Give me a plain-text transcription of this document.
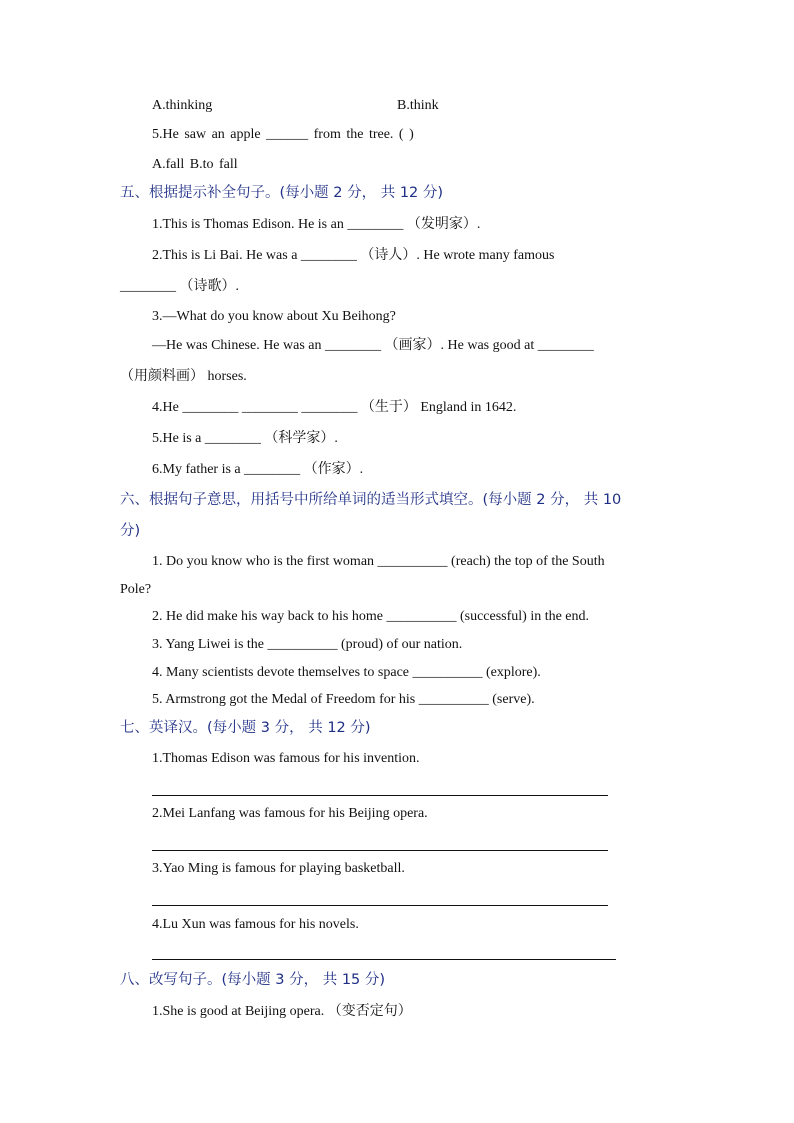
A.thinking	B.think
5.He saw an apple ______ from the tree. ( )
A.fall B.to fall
五、根据提示补全句子。(每小题 2 分， 共 12 分)
1.This is Thomas Edison. He is an ________ （发明家）.
2.This is Li Bai. He was a ________ （诗人）. He wrote many famous
________ （诗歌）.
3.—What do you know about Xu Beihong?
—He was Chinese. He was an ________ （画家）. He was good at ________
（用颜料画） horses.
4.He ________ ________ ________ （生于） England in 1642.
5.He is a ________ （科学家）.
6.My father is a ________ （作家）.
六、根据句子意思，用括号中所给单词的适当形式填空。(每小题 2 分， 共 10
分)
1. Do you know who is the first woman __________ (reach) the top of the South
Pole?
2. He did make his way back to his home __________ (successful) in the end.
3. Yang Liwei is the __________ (proud) of our nation.
4. Many scientists devote themselves to space __________ (explore).
5. Armstrong got the Medal of Freedom for his __________ (serve).
七、英译汉。(每小题 3 分， 共 12 分)
1.Thomas Edison was famous for his invention.
2.Mei Lanfang was famous for his Beijing opera.
3.Yao Ming is famous for playing basketball.
4.Lu Xun was famous for his novels.
八、改写句子。(每小题 3 分， 共 15 分)
1.She is good at Beijing opera. （变否定句）
